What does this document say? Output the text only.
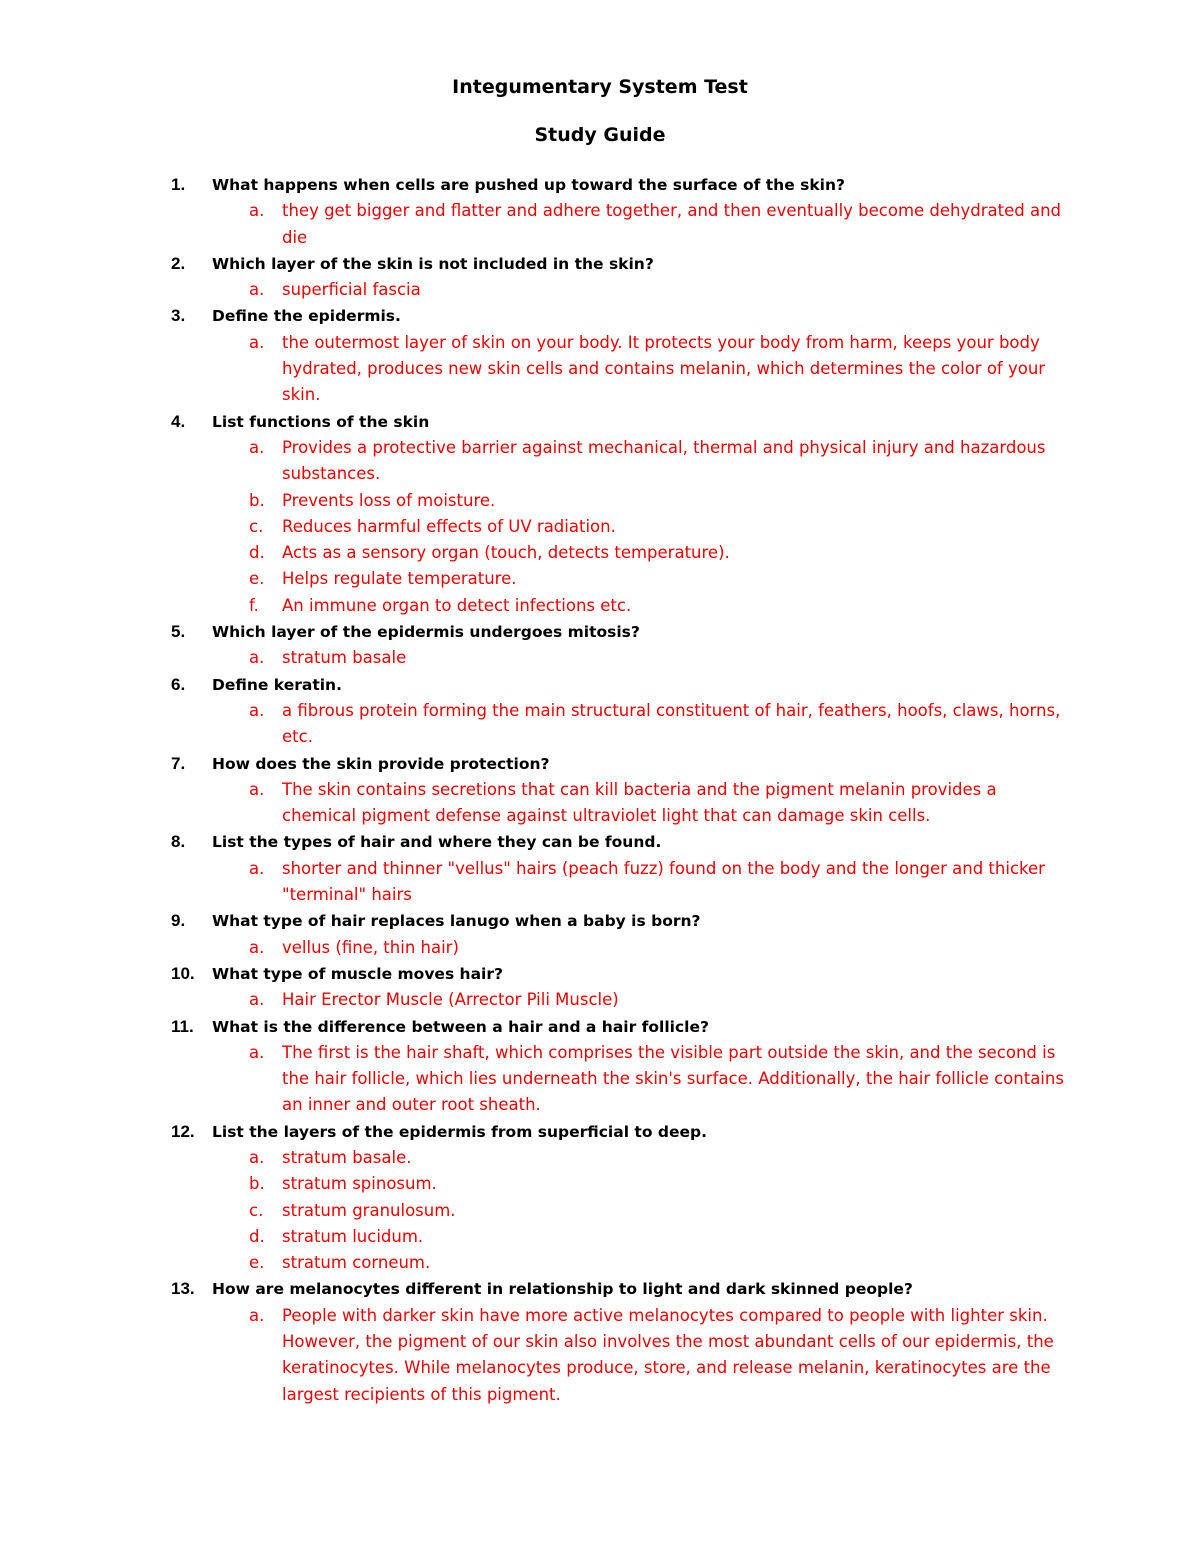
Integumentary System Test
Study Guide
1.	What happens when cells are pushed up toward the surface of the skin?
a. they get bigger and flatter and adhere together, and then eventually become dehydrated and die
2.	Which layer of the skin is not included in the skin?
a. superficial fascia
3.	Define the epidermis.
a. the outermost layer of skin on your body. It protects your body from harm, keeps your body hydrated, produces new skin cells and contains melanin, which determines the color of your skin.
4.	List functions of the skin
a. Provides a protective barrier against mechanical, thermal and physical injury and hazardous substances.
b. Prevents loss of moisture.
c. Reduces harmful effects of UV radiation.
d. Acts as a sensory organ (touch, detects temperature).
e. Helps regulate temperature.
f. An immune organ to detect infections etc.
5.	Which layer of the epidermis undergoes mitosis?
a. stratum basale
6.	Define keratin.
a. a fibrous protein forming the main structural constituent of hair, feathers, hoofs, claws, horns, etc.
7.	How does the skin provide protection?
a. The skin contains secretions that can kill bacteria and the pigment melanin provides a chemical pigment defense against ultraviolet light that can damage skin cells.
8.	List the types of hair and where they can be found.
a. shorter and thinner "vellus" hairs (peach fuzz) found on the body and the longer and thicker "terminal" hairs
9.	What type of hair replaces lanugo when a baby is born?
a. vellus (fine, thin hair)
10.	What type of muscle moves hair?
a. Hair Erector Muscle (Arrector Pili Muscle)
11.	What is the difference between a hair and a hair follicle?
a. The first is the hair shaft, which comprises the visible part outside the skin, and the second is the hair follicle, which lies underneath the skin's surface. Additionally, the hair follicle contains an inner and outer root sheath.
12.	List the layers of the epidermis from superficial to deep.
a. stratum basale.
b. stratum spinosum.
c. stratum granulosum.
d. stratum lucidum.
e. stratum corneum.
13.	How are melanocytes different in relationship to light and dark skinned people?
a. People with darker skin have more active melanocytes compared to people with lighter skin. However, the pigment of our skin also involves the most abundant cells of our epidermis, the keratinocytes. While melanocytes produce, store, and release melanin, keratinocytes are the largest recipients of this pigment.
